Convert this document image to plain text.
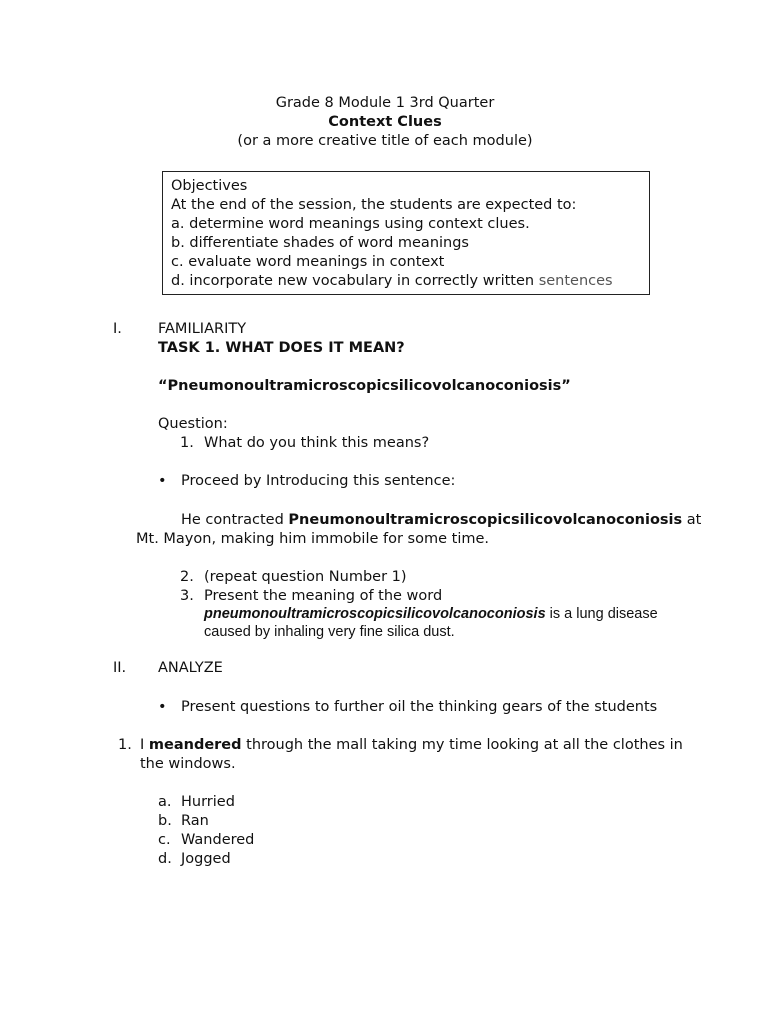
Grade 8 Module 1 3rd Quarter
Context Clues
(or a more creative title of each module)
Objectives
At the end of the session, the students are expected to:
a. determine word meanings using context clues.
b. differentiate shades of word meanings
c. evaluate word meanings in context
d. incorporate new vocabulary in correctly written sentences
I. FAMILIARITY
TASK 1. WHAT DOES IT MEAN?
“Pneumonoultramicroscopicsilicovolcanoconiosis”
Question:
1. What do you think this means?
•
Proceed by Introducing this sentence:
He contracted Pneumonoultramicroscopicsilicovolcanoconiosis at
Mt. Mayon, making him immobile for some time.
2. (repeat question Number 1)
3. Present the meaning of the word
pneumonoultramicroscopicsilicovolcanoconiosis is a lung disease
caused by inhaling very fine silica dust.
II. ANALYZE
•
Present questions to further oil the thinking gears of the students
1. I meandered through the mall taking my time looking at all the clothes in
the windows.
a. Hurried
b. Ran
c. Wandered
d. Jogged
